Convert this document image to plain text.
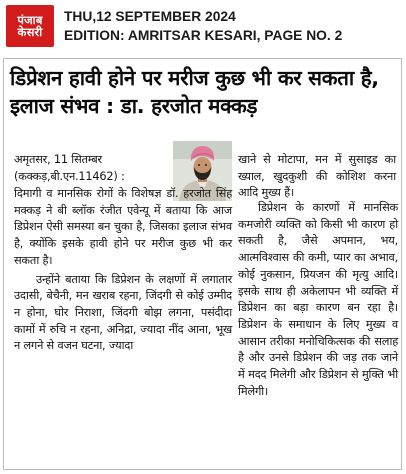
पंजाब
केसरी
THU,12 SEPTEMBER 2024
EDITION: AMRITSAR KESARI, PAGE NO. 2
डिप्रेशन हावी होने पर मरीज कुछ भी कर सकता है, इलाज संभव : डा. हरजोत मक्कड़

अमृतसर, 11 सितम्बर (कक्कड़,बी.एन.11462) :

दिमागी व मानसिक रोगों के विशेषज्ञ डॉ. हरजोत सिंह मक्कड़ ने बी ब्लॉक रंजीत एवेन्यू में बताया कि आज डिप्रेशन ऐसी समस्या बन चुका है, जिसका इलाज संभव है, क्योंकि इसके हावी होने पर मरीज कुछ भी कर सकता है।

उन्होंने बताया कि डिप्रेशन के लक्षणों में लगातार उदासी, बेचैनी, मन खराब रहना, जिंदगी से कोई उम्मीद न होना, घोर निराशा, जिंदगी बोझ लगना, पसंदीदा कामों में रुचि न रहना, अनिद्रा, ज्यादा नींद आना, भूख न लगने से वजन घटना, ज्यादा

खाने से मोटापा, मन में सुसाइड का ख्याल, खुदकुशी की कोशिश करना आदि मुख्य हैं।

डिप्रेशन के कारणों में मानसिक कमजोरी व्यक्ति को किसी भी कारण हो सकती है, जैसे अपमान, भय, आत्मविश्वास की कमी, प्यार का अभाव, कोई नुकसान, प्रियजन की मृत्यु आदि। इसके साथ ही अकेलापन भी व्यक्ति में डिप्रेशन का बड़ा कारण बन रहा है। डिप्रेशन के समाधान के लिए मुख्य व आसान तरीका मनोचिकित्सक की सलाह है और उनसे डिप्रेशन की जड़ तक जाने में मदद मिलेगी और डिप्रेशन से मुक्ति भी मिलेगी।
